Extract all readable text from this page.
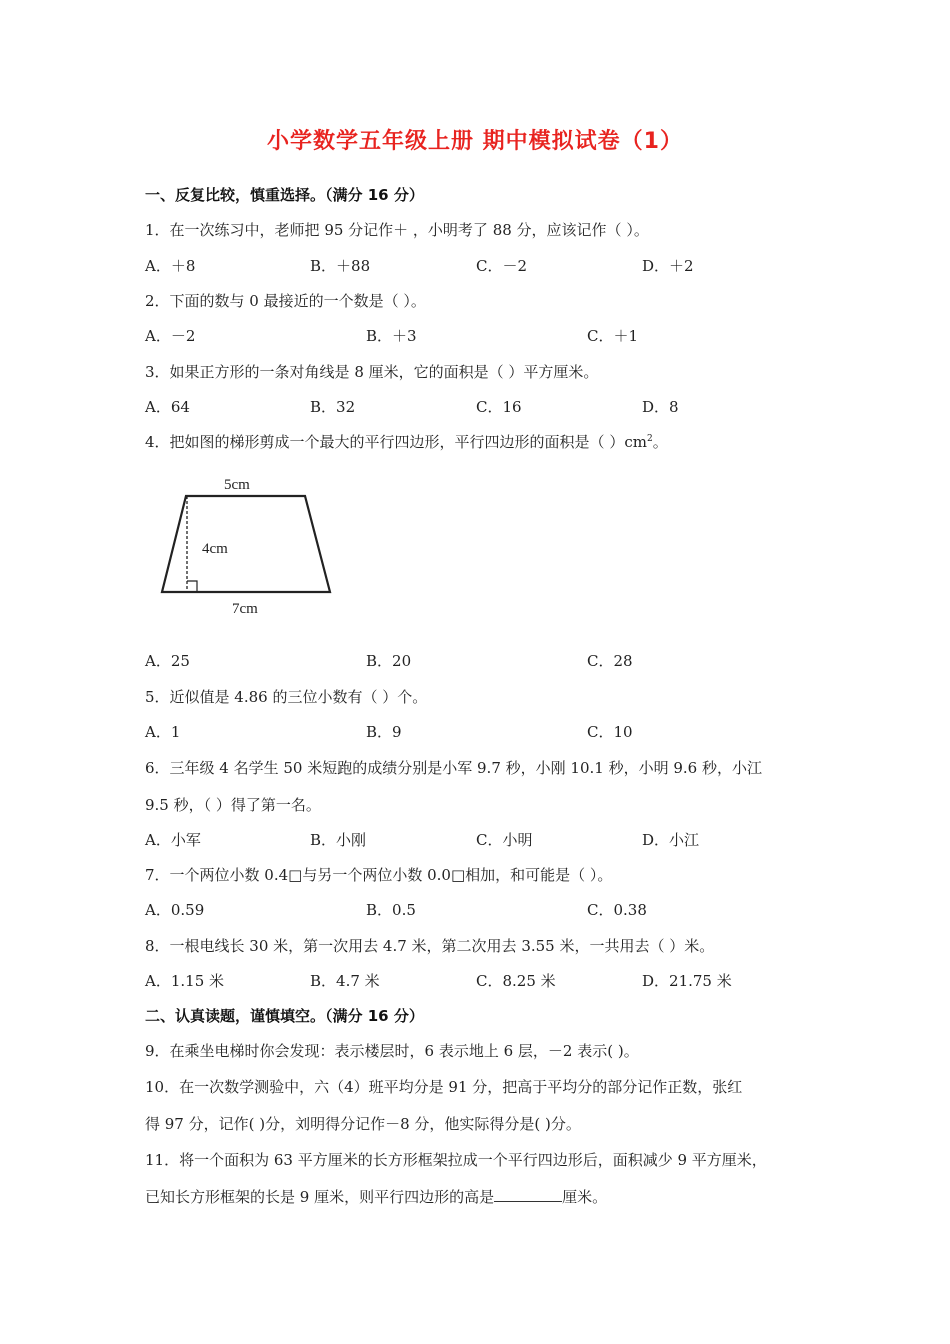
小学数学五年级上册 期中模拟试卷（1）

一、反复比较，慎重选择。（满分 16 分）

1．在一次练习中，老师把 95 分记作＋ ，小明考了 88 分，应该记作（ ）。

A．＋8	B．＋88	C．－2	D．＋2

2．下面的数与 0 最接近的一个数是（ ）。

A．－2	B．＋3	C．＋1

3．如果正方形的一条对角线是 8 厘米，它的面积是（ ）平方厘米。

A．64	B．32	C．16	D．8

4．把如图的梯形剪成一个最大的平行四边形，平行四边形的面积是（ ）$cm^2$。

5cm
4cm
7cm
A．25	B．20	C．28

5．近似值是 4.86 的三位小数有（ ）个。

A．1	B．9	C．10

6．三年级 4 名学生 50 米短跑的成绩分别是小军 9.7 秒，小刚 10.1 秒，小明 9.6 秒，小江

9.5 秒，（ ）得了第一名。

A．小军	B．小刚	C．小明	D．小江

7．一个两位小数 0.4□与另一个两位小数 0.0□相加，和可能是（ ）。

A．0.59	B．0.5	C．0.38

8．一根电线长 30 米，第一次用去 4.7 米，第二次用去 3.55 米，一共用去（ ）米。

A．1.15 米	B．4.7 米	C．8.25 米	D．21.75 米

二、认真读题，谨慎填空。（满分 16 分）

9．在乘坐电梯时你会发现：表示楼层时，6 表示地上 6 层，－2 表示( )。

10．在一次数学测验中，六（4）班平均分是 91 分，把高于平均分的部分记作正数，张红

得 97 分，记作( )分，刘明得分记作－8 分，他实际得分是( )分。

11．将一个面积为 63 平方厘米的长方形框架拉成一个平行四边形后，面积减少 9 平方厘米，

已知长方形框架的长是 9 厘米，则平行四边形的高是	厘米。
